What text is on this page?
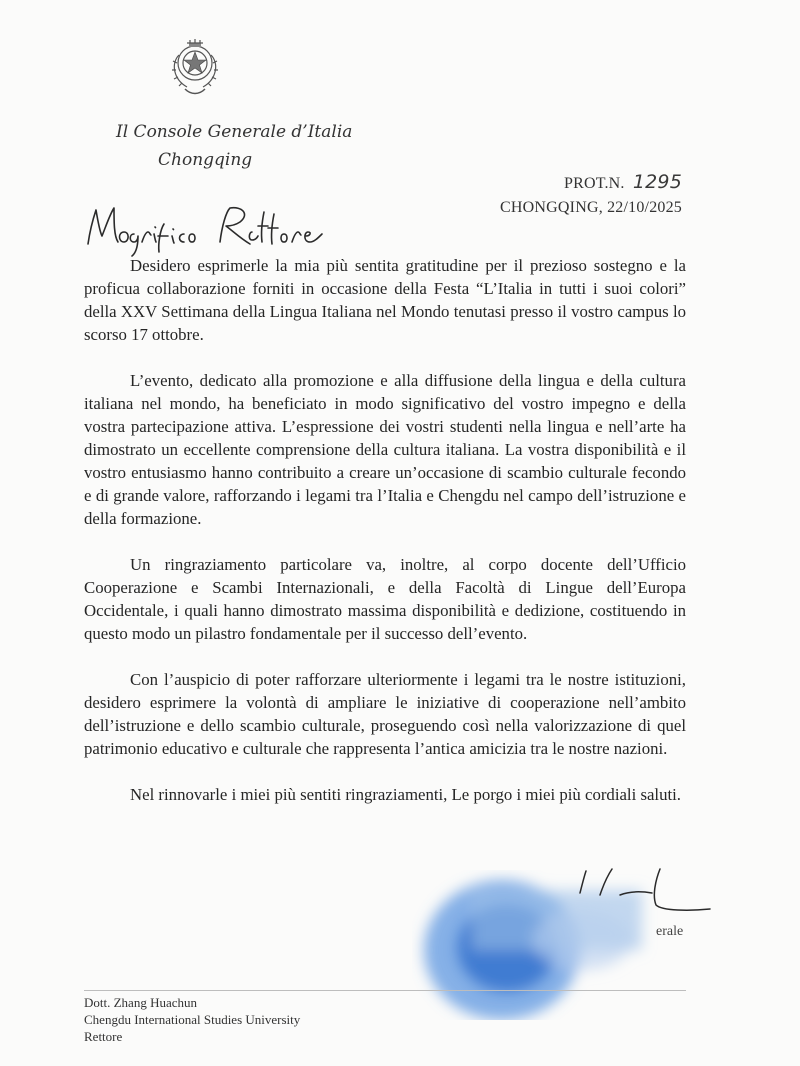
Il Console Generale d’Italia
Chongqing
PROT.N. 1295
CHONGQING, 22/10/2025

Desidero esprimerle la mia più sentita gratitudine per il prezioso sostegno e la proficua collaborazione forniti in occasione della Festa “L’Italia in tutti i suoi colori” della XXV Settimana della Lingua Italiana nel Mondo tenutasi presso il vostro campus lo scorso 17 ottobre.

L’evento, dedicato alla promozione e alla diffusione della lingua e della cultura italiana nel mondo, ha beneficiato in modo significativo del vostro impegno e della vostra partecipazione attiva. L’espressione dei vostri studenti nella lingua e nell’arte ha dimostrato un eccellente comprensione della cultura italiana. La vostra disponibilità e il vostro entusiasmo hanno contribuito a creare un’occasione di scambio culturale fecondo e di grande valore, rafforzando i legami tra l’Italia e Chengdu nel campo dell’istruzione e della formazione.

Un ringraziamento particolare va, inoltre, al corpo docente dell’Ufficio Cooperazione e Scambi Internazionali, e della Facoltà di Lingue dell’Europa Occidentale, i quali hanno dimostrato massima disponibilità e dedizione, costituendo in questo modo un pilastro fondamentale per il successo dell’evento.

Con l’auspicio di poter rafforzare ulteriormente i legami tra le nostre istituzioni, desidero esprimere la volontà di ampliare le iniziative di cooperazione nell’ambito dell’istruzione e dello scambio culturale, proseguendo così nella valorizzazione di quel patrimonio educativo e culturale che rappresenta l’antica amicizia tra le nostre nazioni.

Nel rinnovarle i miei più sentiti ringraziamenti, Le porgo i miei più cordiali saluti.

erale
Dott. Zhang Huachun
Chengdu International Studies University
Rettore
